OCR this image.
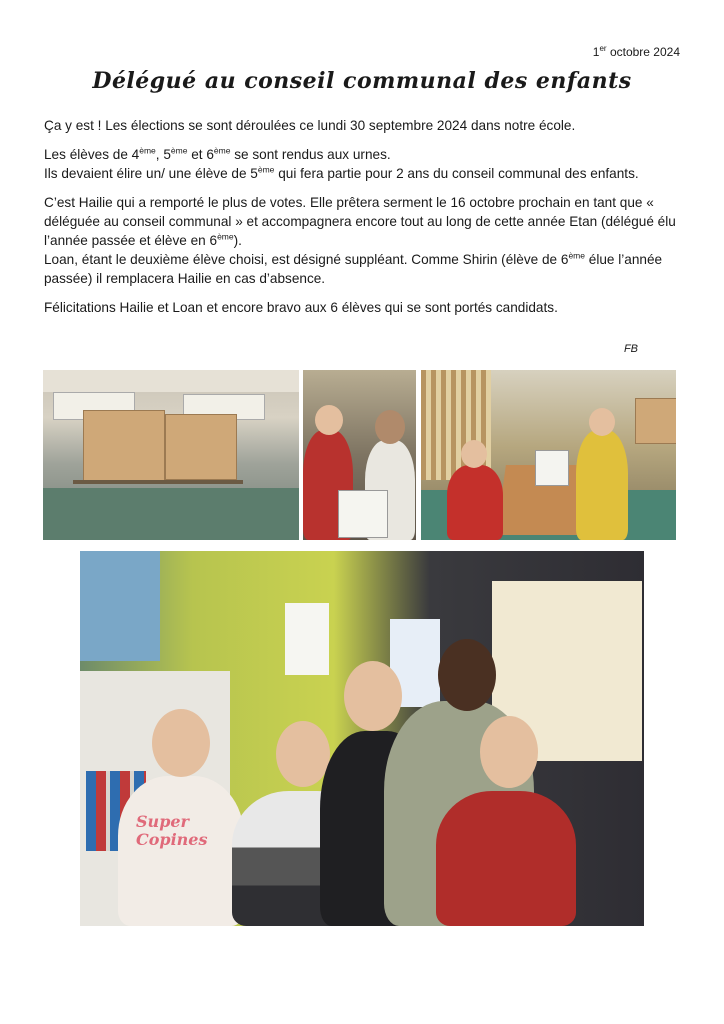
1er octobre 2024
Délégué au conseil communal des enfants

Ça y est ! Les élections se sont déroulées ce lundi 30 septembre 2024 dans notre école.

Les élèves de 4ème, 5ème et 6ème se sont rendus aux urnes.
Ils devaient élire un/ une élève de 5ème qui fera partie pour 2 ans du conseil communal des enfants.

C’est Hailie qui a remporté le plus de votes. Elle prêtera serment le 16 octobre prochain en tant que « déléguée au conseil communal » et accompagnera encore tout au long de cette année Etan (délégué élu l’année passée et élève en 6ème).
Loan, étant le deuxième élève choisi, est désigné suppléant. Comme Shirin (élève de 6ème élue l’année passée) il remplacera Hailie en cas d’absence.

Félicitations Hailie et Loan et encore bravo aux 6 élèves qui se sont portés candidats.

FB
Super Copines
